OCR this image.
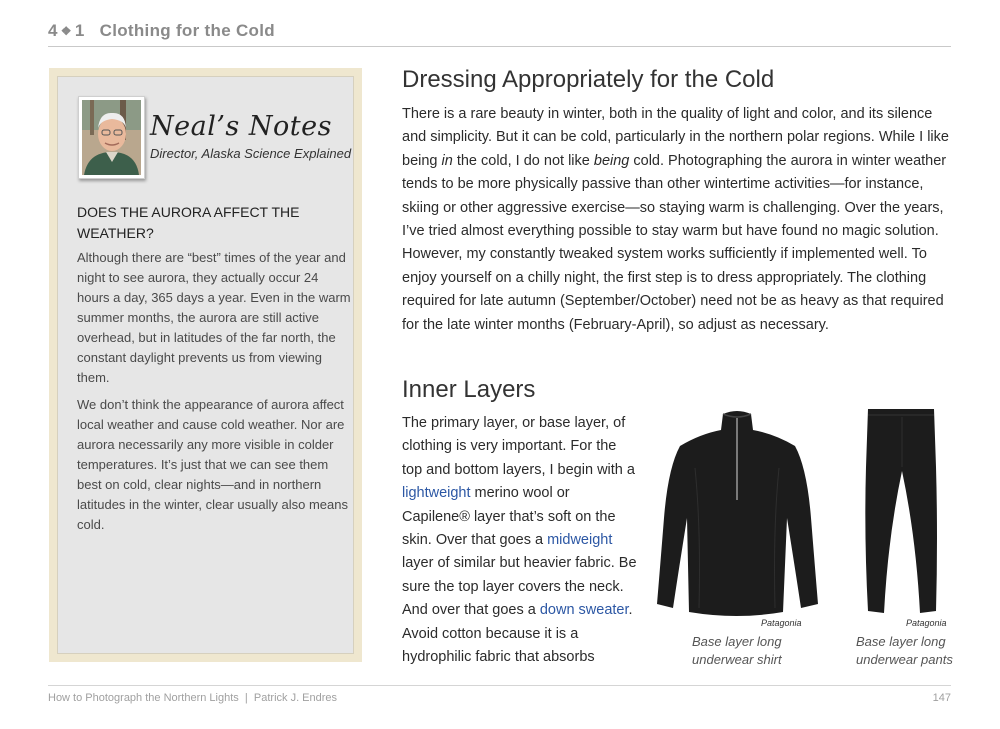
4 ❖ 1 Clothing for the Cold
Neal’s Notes
Director, Alaska Science Explained
DOES THE AURORA AFFECT THE WEATHER?

Although there are “best” times of the year and night to see aurora, they actually occur 24 hours a day, 365 days a year. Even in the warm summer months, the aurora are still active overhead, but in latitudes of the far north, the constant daylight prevents us from viewing them.

We don’t think the appearance of aurora affect local weather and cause cold weather. Nor are aurora necessarily any more visible in colder temperatures. It’s just that we can see them best on cold, clear nights—and in northern latitudes in the winter, clear usually also means cold.

Dressing Appropriately for the Cold

There is a rare beauty in winter, both in the quality of light and color, and its silence and simplicity. But it can be cold, particularly in the northern polar regions. While I like being in the cold, I do not like being cold. Photographing the aurora in winter weather tends to be more physically passive than other wintertime activities—for instance, skiing or other aggressive exercise—so staying warm is challenging. Over the years, I’ve tried almost everything possible to stay warm but have found no magic solution. However, my constantly tweaked system works sufficiently if implemented well. To enjoy yourself on a chilly night, the first step is to dress appropriately. The clothing required for late autumn (September/October) need not be as heavy as that required for the late winter months (February-April), so adjust as necessary.

Inner Layers

The primary layer, or base layer, of clothing is very important. For the top and bottom layers, I begin with a lightweight merino wool or Capilene® layer that’s soft on the skin. Over that goes a midweight layer of similar but heavier fabric. Be sure the top layer covers the neck. And over that goes a down sweater. Avoid cotton because it is a hydrophilic fabric that absorbs

Patagonia
Base layer long
underwear shirt
Patagonia
Base layer long
underwear pants
How to Photograph the Northern Lights | Patrick J. Endres	147
